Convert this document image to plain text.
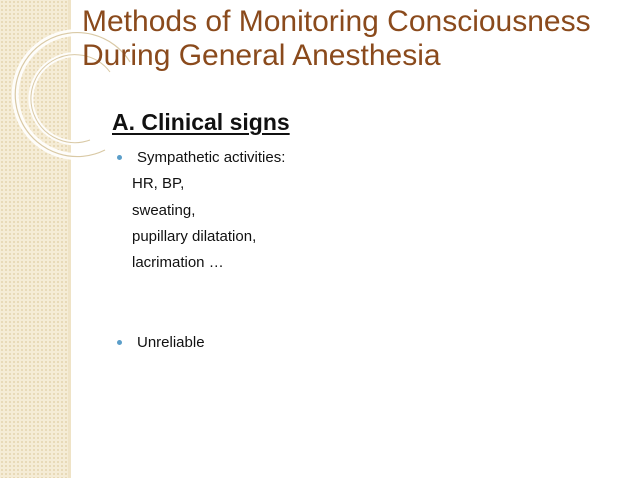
Methods of Monitoring Consciousness During General Anesthesia
A. Clinical signs
Sympathetic activities:
HR, BP,
sweating,
pupillary dilatation,
lacrimation …
Unreliable
